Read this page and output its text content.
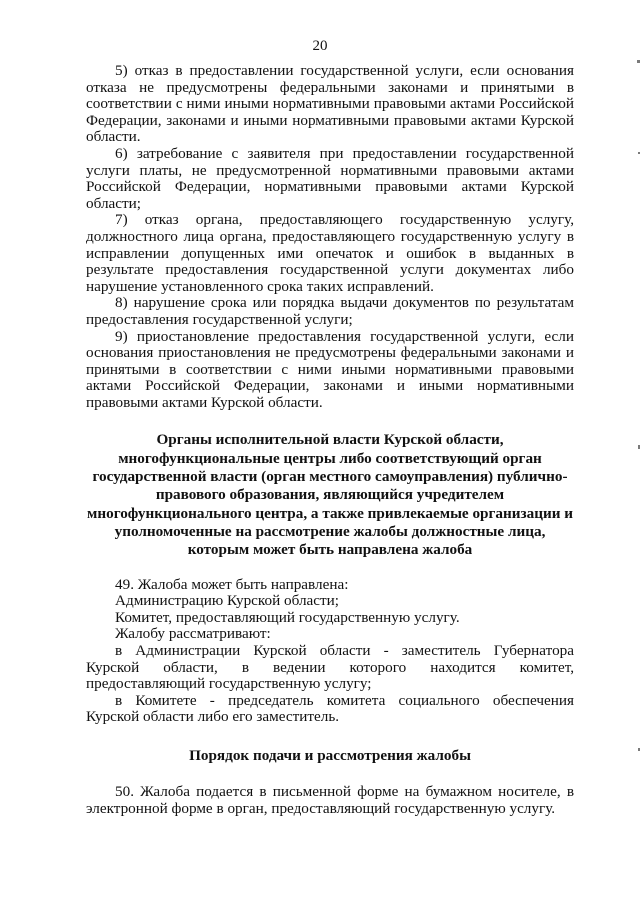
20

5) отказ в предоставлении государственной услуги, если основания отказа не предусмотрены федеральными законами и принятыми в соответствии с ними иными нормативными правовыми актами Российской Федерации, законами и иными нормативными правовыми актами Курской области.

6) затребование с заявителя при предоставлении государственной услуги платы, не предусмотренной нормативными правовыми актами Российской Федерации, нормативными правовыми актами Курской области;

7) отказ органа, предоставляющего государственную услугу, должностного лица органа, предоставляющего государственную услугу в исправлении допущенных ими опечаток и ошибок в выданных в результате предоставления государственной услуги документах либо нарушение установленного срока таких исправлений.

8) нарушение срока или порядка выдачи документов по результатам предоставления государственной услуги;

9) приостановление предоставления государственной услуги, если основания приостановления не предусмотрены федеральными законами и принятыми в соответствии с ними иными нормативными правовыми актами Российской Федерации, законами и иными нормативными правовыми актами Курской области.

Органы исполнительной власти Курской области,
многофункциональные центры либо соответствующий орган
государственной власти (орган местного самоуправления) публично-
правового образования, являющийся учредителем
многофункционального центра, а также привлекаемые организации и
уполномоченные на рассмотрение жалобы должностные лица,
которым может быть направлена жалоба

49. Жалоба может быть направлена:

Администрацию Курской области;

Комитет, предоставляющий государственную услугу.

Жалобу рассматривают:

в Администрации Курской области - заместитель Губернатора Курской области, в ведении которого находится комитет, предоставляющий государственную услугу;

в Комитете - председатель комитета социального обеспечения Курской области либо его заместитель.

Порядок подачи и рассмотрения жалобы

50. Жалоба подается в письменной форме на бумажном носителе, в электронной форме в орган, предоставляющий государственную услугу.
